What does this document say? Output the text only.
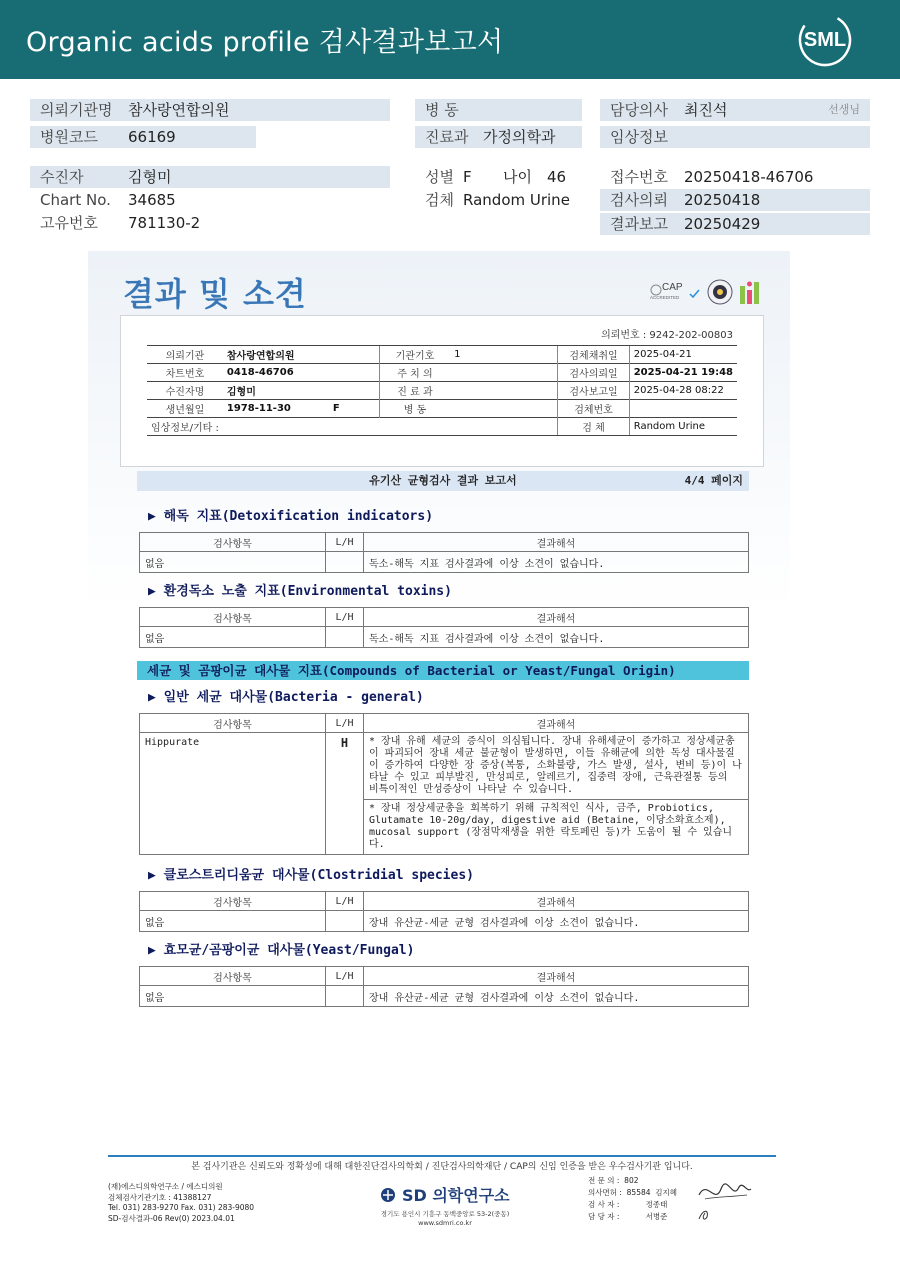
Organic acids profile 검사결과보고서	SML
의뢰기관명 참사랑연합의원
병원코드 66169
수진자	김형미
Chart No. 34685
고유번호 781130-2
병 동
진료과 가정의학과
성별 F 나이 46
검체 Random Urine
담당의사 최진석	선생님
임상정보
접수번호 20250418-46706
검사의뢰 20250418
결과보고 20250429
결과 및 소견	CAP
ACCREDITED
의뢰번호 : 9242-202-00803
의뢰기관	참사랑연합의원	기관기호	1	검체채취일	2025-04-21
차트번호	0418-46706	주 치 의		검사의뢰일	2025-04-21 19:48
수진자명	김형미	진 료 과		검사보고일	2025-04-28 08:22
생년월일	1978-11-30 F	병 동		검체번호	
임상정보/기타 :				검 체	Random Urine
유기산 균형검사 결과 보고서	4/4 페이지
▶ 해독 지표(Detoxification indicators)
검사항목	L/H	결과해석
없음		독소-해독 지표 검사결과에 이상 소견이 없습니다.
▶ 환경독소 노출 지표(Environmental toxins)
검사항목	L/H	결과해석
없음		독소-해독 지표 검사결과에 이상 소견이 없습니다.
세균 및 곰팡이균 대사물 지표(Compounds of Bacterial or Yeast/Fungal Origin)
▶ 일반 세균 대사물(Bacteria - general)
검사항목	L/H	결과해석
Hippurate	H	* 장내 유해 세균의 증식이 의심됩니다. 장내 유해세균이 증가하고 정상세균총이 파괴되어 장내 세균 불균형이 발생하면, 이들 유해균에 의한 독성 대사물질이 증가하여 다양한 장 증상(복통, 소화불량, 가스 발생, 설사, 변비 등)이 나타날 수 있고 피부발진, 만성피로, 알레르기, 집중력 장애, 근육관절통 등의 비특이적인 만성증상이 나타날 수 있습니다.
		* 장내 정상세균총을 회복하기 위해 규칙적인 식사, 금주, Probiotics, Glutamate 10-20g/day, digestive aid (Betaine, 이당소화효소제), mucosal support (장점막재생을 위한 락토페린 등)가 도움이 될 수 있습니다.
▶ 클로스트리디움균 대사물(Clostridial species)
검사항목	L/H	결과해석
없음		장내 유산균-세균 균형 검사결과에 이상 소견이 없습니다.
▶ 효모균/곰팡이균 대사물(Yeast/Fungal)
검사항목	L/H	결과해석
없음		장내 유산균-세균 균형 검사결과에 이상 소견이 없습니다.
본 검사기관은 신뢰도와 정확성에 대해 대한진단검사의학회 / 진단검사의학재단 / CAP의 신임 인증을 받은 우수검사기관 입니다.
(재)에스디의학연구소 / 에스디의원
검체검사기관기호 : 41388127
Tel. 031) 283-9270 Fax. 031) 283-9080
SD-검사결과-06 Rev(0) 2023.04.01
SD 의학연구소
경기도 용인시 기흥구 동백중앙로 53-2(중동)
www.sdmri.co.kr
전 문 의 :  802
의사면허 :  85584  김지혜
검 사 자 :           정종태
담 당 자 :           서병준
